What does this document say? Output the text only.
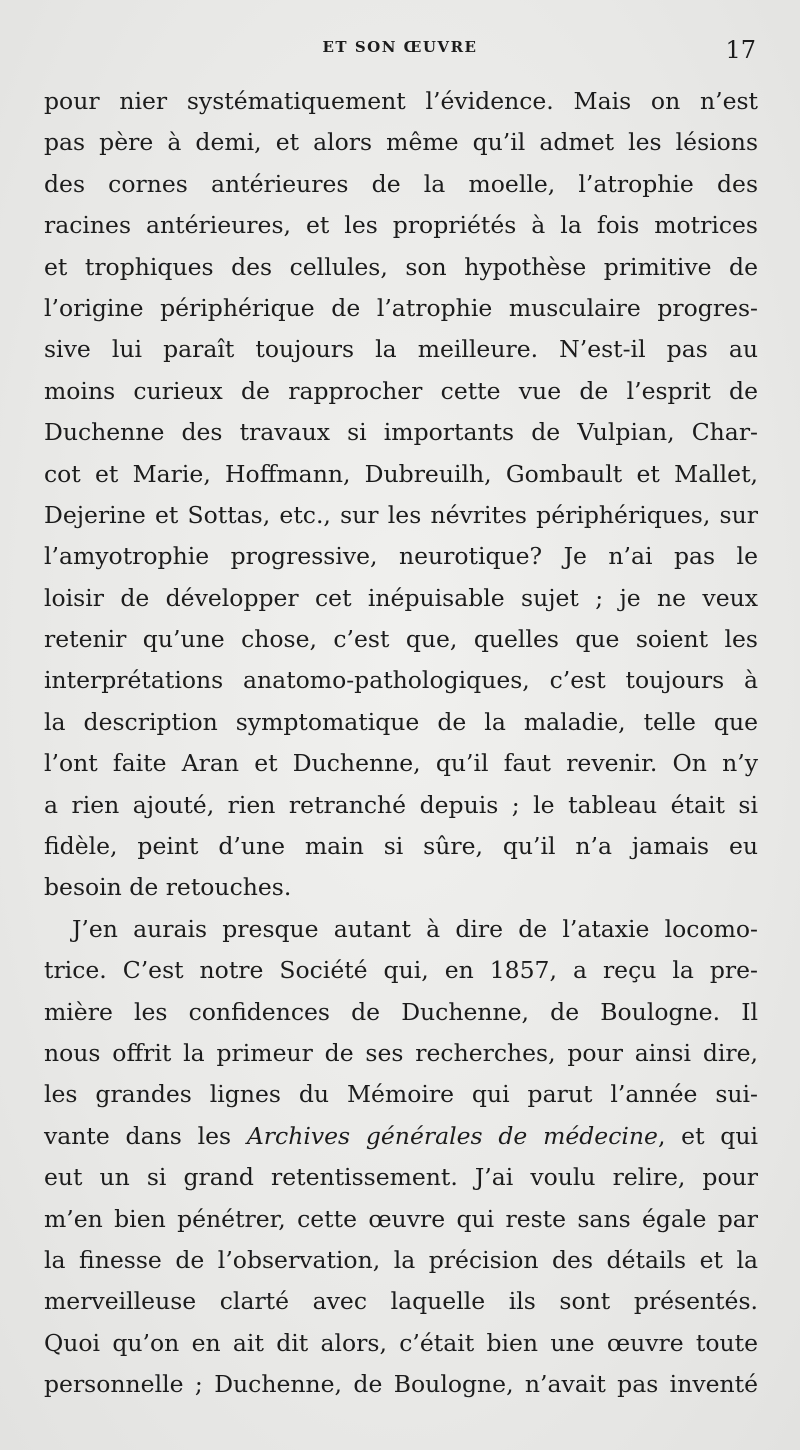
ET SON ŒUVRE	17
pour nier systématiquement l’évidence. Mais on n’est
pas père à demi, et alors même qu’il admet les lésions
des cornes antérieures de la moelle, l’atrophie des
racines antérieures, et les propriétés à la fois motrices
et trophiques des cellules, son hypothèse primitive de
l’origine périphérique de l’atrophie musculaire progres-
sive lui paraît toujours la meilleure. N’est-il pas au
moins curieux de rapprocher cette vue de l’esprit de
Duchenne des travaux si importants de Vulpian, Char-
cot et Marie, Hoffmann, Dubreuilh, Gombault et Mallet,
Dejerine et Sottas, etc., sur les névrites périphériques, sur
l’amyotrophie progressive, neurotique? Je n’ai pas le
loisir de développer cet inépuisable sujet ; je ne veux
retenir qu’une chose, c’est que, quelles que soient les
interprétations anatomo-pathologiques, c’est toujours à
la description symptomatique de la maladie, telle que
l’ont faite Aran et Duchenne, qu’il faut revenir. On n’y
a rien ajouté, rien retranché depuis ; le tableau était si
fidèle, peint d’une main si sûre, qu’il n’a jamais eu
besoin de retouches.
J’en aurais presque autant à dire de l’ataxie locomo-
trice. C’est notre Société qui, en 1857, a reçu la pre-
mière les confidences de Duchenne, de Boulogne. Il
nous offrit la primeur de ses recherches, pour ainsi dire,
les grandes lignes du Mémoire qui parut l’année sui-
vante dans les Archives générales de médecine, et qui
eut un si grand retentissement. J’ai voulu relire, pour
m’en bien pénétrer, cette œuvre qui reste sans égale par
la finesse de l’observation, la précision des détails et la
merveilleuse clarté avec laquelle ils sont présentés.
Quoi qu’on en ait dit alors, c’était bien une œuvre toute
personnelle ; Duchenne, de Boulogne, n’avait pas inventé
